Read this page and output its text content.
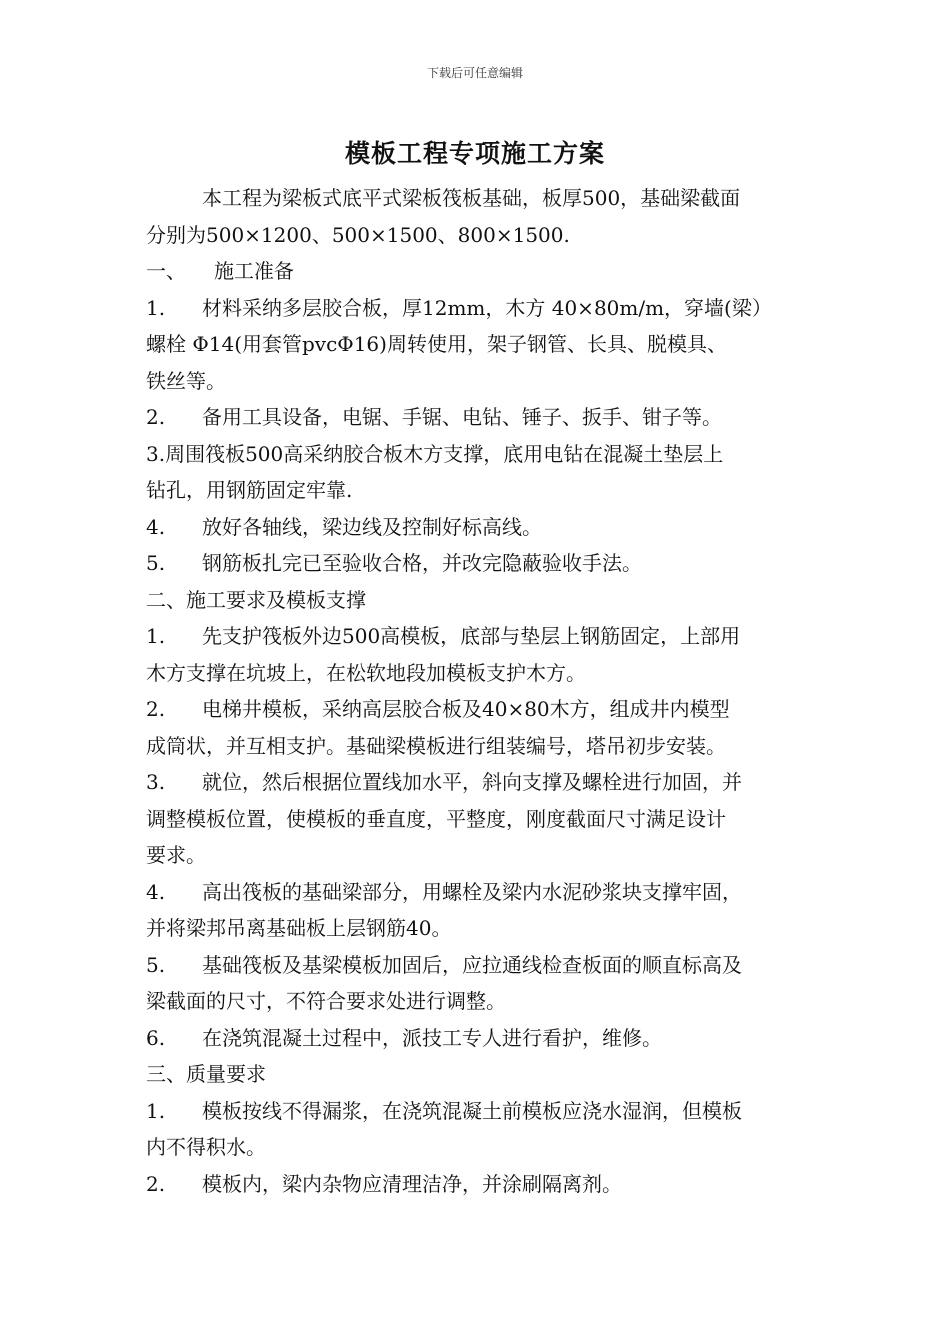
下载后可任意编辑
模板工程专项施工方案
本工程为梁板式底平式梁板筏板基础，板厚500，基础梁截面
分别为500×1200、500×1500、800×1500.
一、 施工准备
1. 材料采纳多层胶合板，厚12mm，木方 40×80m/m，穿墙(梁）
螺栓 Φ14(用套管pvcΦ16)周转使用，架子钢管、长具、脱模具、
铁丝等。
2. 备用工具设备，电锯、手锯、电钻、锤子、扳手、钳子等。
3.周围筏板500高采纳胶合板木方支撑，底用电钻在混凝土垫层上
钻孔，用钢筋固定牢靠.
4. 放好各轴线，梁边线及控制好标高线。
5. 钢筋板扎完已至验收合格，并改完隐蔽验收手法。
二、施工要求及模板支撑
1. 先支护筏板外边500高模板，底部与垫层上钢筋固定，上部用
木方支撑在坑坡上，在松软地段加模板支护木方。
2. 电梯井模板，采纳高层胶合板及40×80木方，组成井内模型
成筒状，并互相支护。基础梁模板进行组装编号，塔吊初步安装。
3. 就位，然后根据位置线加水平，斜向支撑及螺栓进行加固，并
调整模板位置，使模板的垂直度，平整度，刚度截面尺寸满足设计
要求。
4. 高出筏板的基础梁部分，用螺栓及梁内水泥砂浆块支撑牢固，
并将梁邦吊离基础板上层钢筋40。
5. 基础筏板及基梁模板加固后，应拉通线检查板面的顺直标高及
梁截面的尺寸，不符合要求处进行调整。
6. 在浇筑混凝土过程中，派技工专人进行看护，维修。
三、质量要求
1. 模板按线不得漏浆，在浇筑混凝土前模板应浇水湿润，但模板
内不得积水。
2. 模板内，梁内杂物应清理洁净，并涂刷隔离剂。
